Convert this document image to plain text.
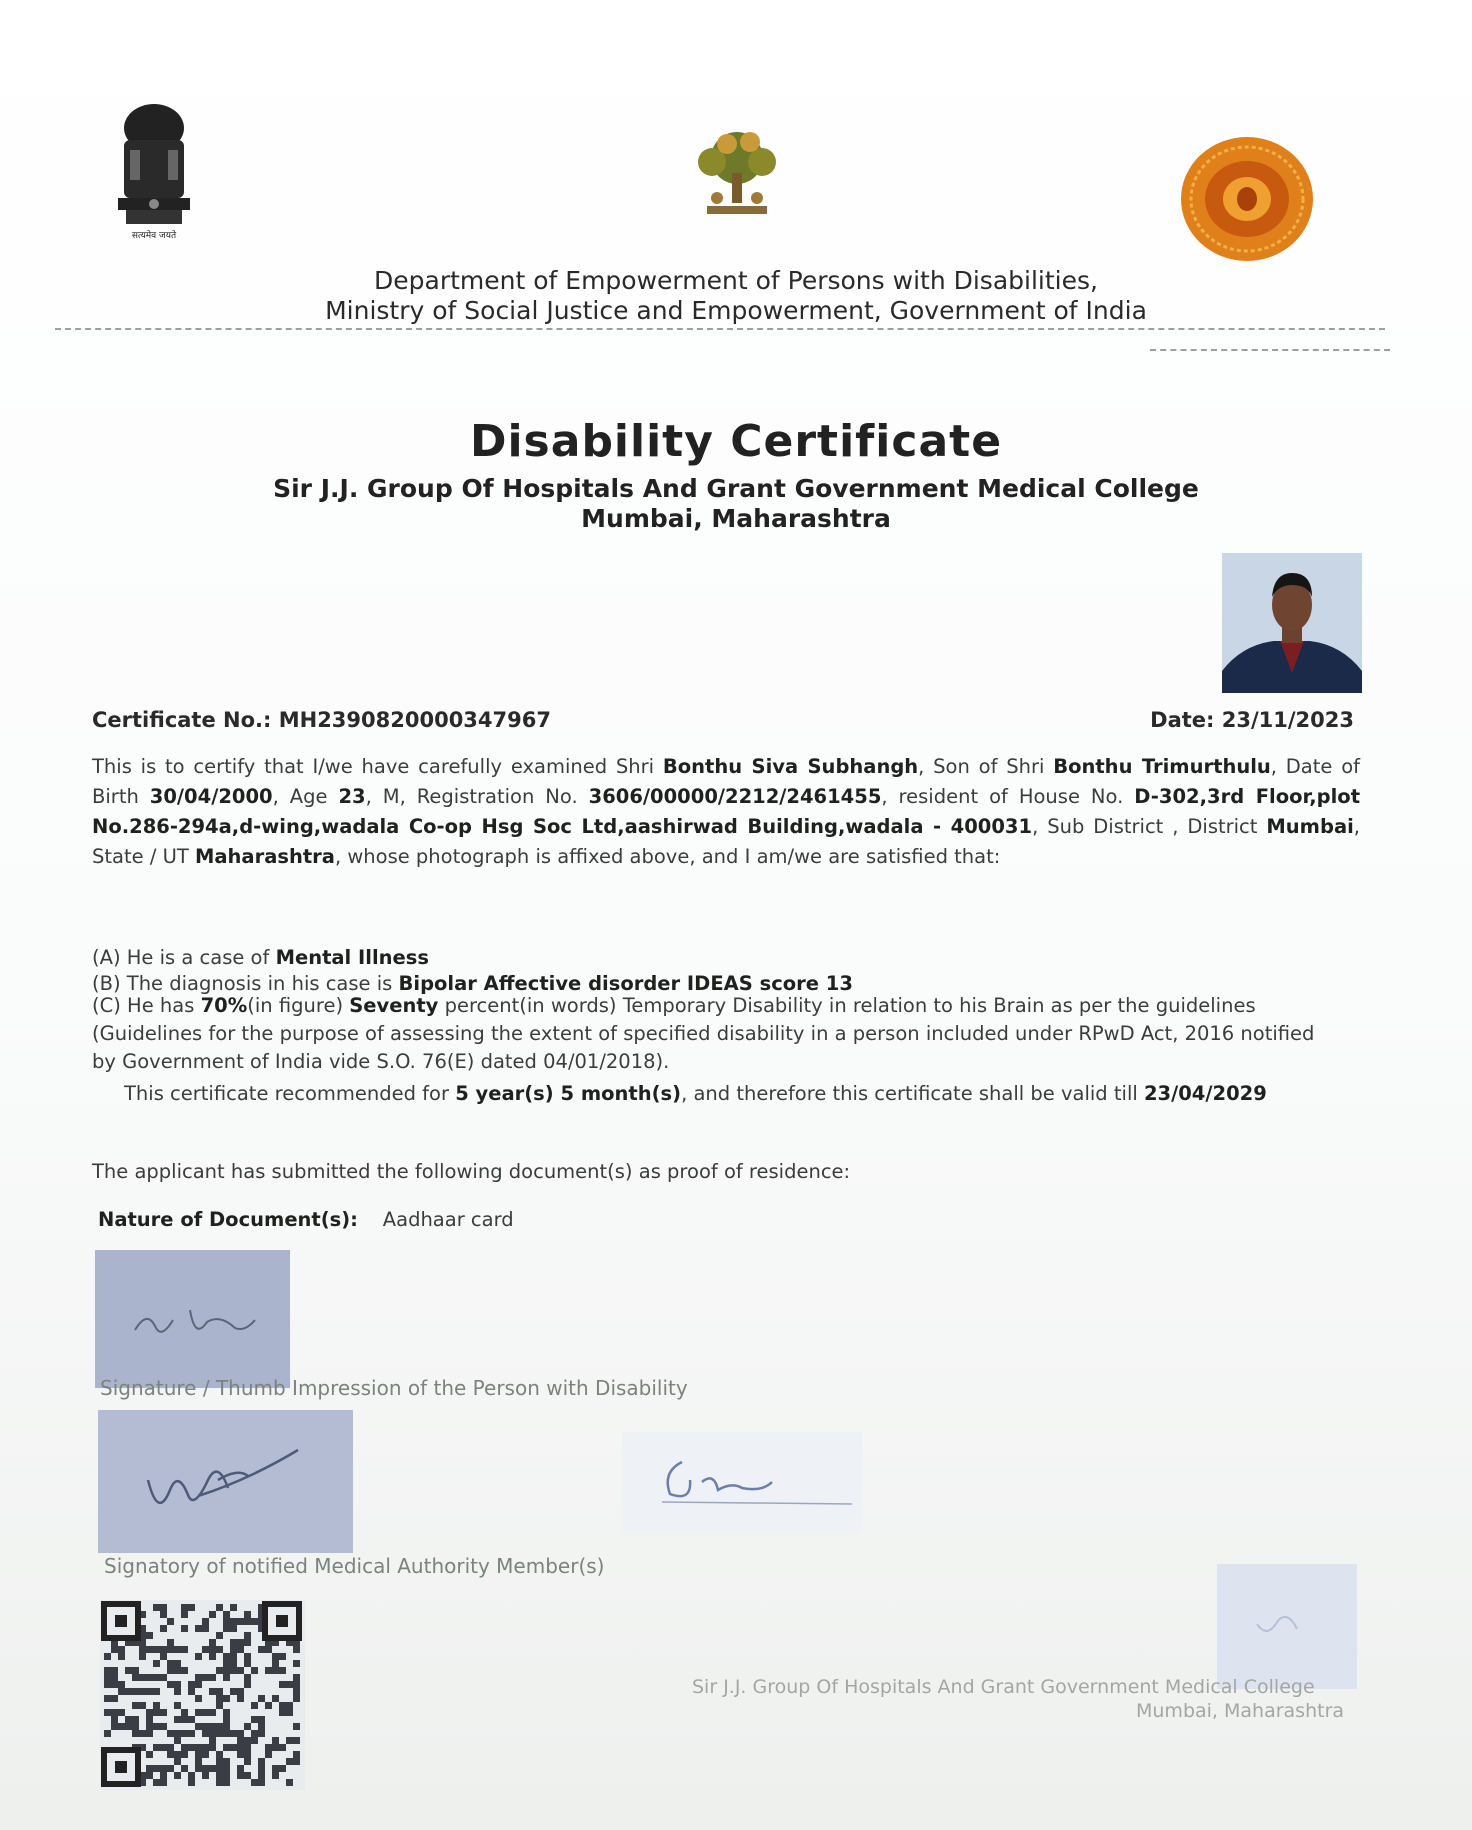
सत्यमेव जयते
Department of Empowerment of Persons with Disabilities,
Ministry of Social Justice and Empowerment, Government of India
Disability Certificate
Sir J.J. Group Of Hospitals And Grant Government Medical College
Mumbai, Maharashtra
Certificate No.: MH2390820000347967	Date: 23/11/2023
This is to certify that I/we have carefully examined Shri Bonthu Siva Subhangh, Son of Shri Bonthu Trimurthulu, Date of Birth 30/04/2000, Age 23, M, Registration No. 3606/00000/2212/2461455, resident of House No. D-302,3rd Floor,plot No.286-294a,d-wing,wadala Co-op Hsg Soc Ltd,aashirwad Building,wadala - 400031, Sub District , District Mumbai, State / UT Maharashtra, whose photograph is affixed above, and I am/we are satisfied that:
(A) He is a case of Mental Illness
(B) The diagnosis in his case is Bipolar Affective disorder IDEAS score 13
(C) He has 70%(in figure) Seventy percent(in words) Temporary Disability in relation to his Brain as per the guidelines (Guidelines for the purpose of assessing the extent of specified disability in a person included under RPwD Act, 2016 notified by Government of India vide S.O. 76(E) dated 04/01/2018).
This certificate recommended for 5 year(s) 5 month(s), and therefore this certificate shall be valid till 23/04/2029
The applicant has submitted the following document(s) as proof of residence:
Nature of Document(s): Aadhaar card
Signature / Thumb Impression of the Person with Disability
Signatory of notified Medical Authority Member(s)
Sir J.J. Group Of Hospitals And Grant Government Medical College
Mumbai, Maharashtra
